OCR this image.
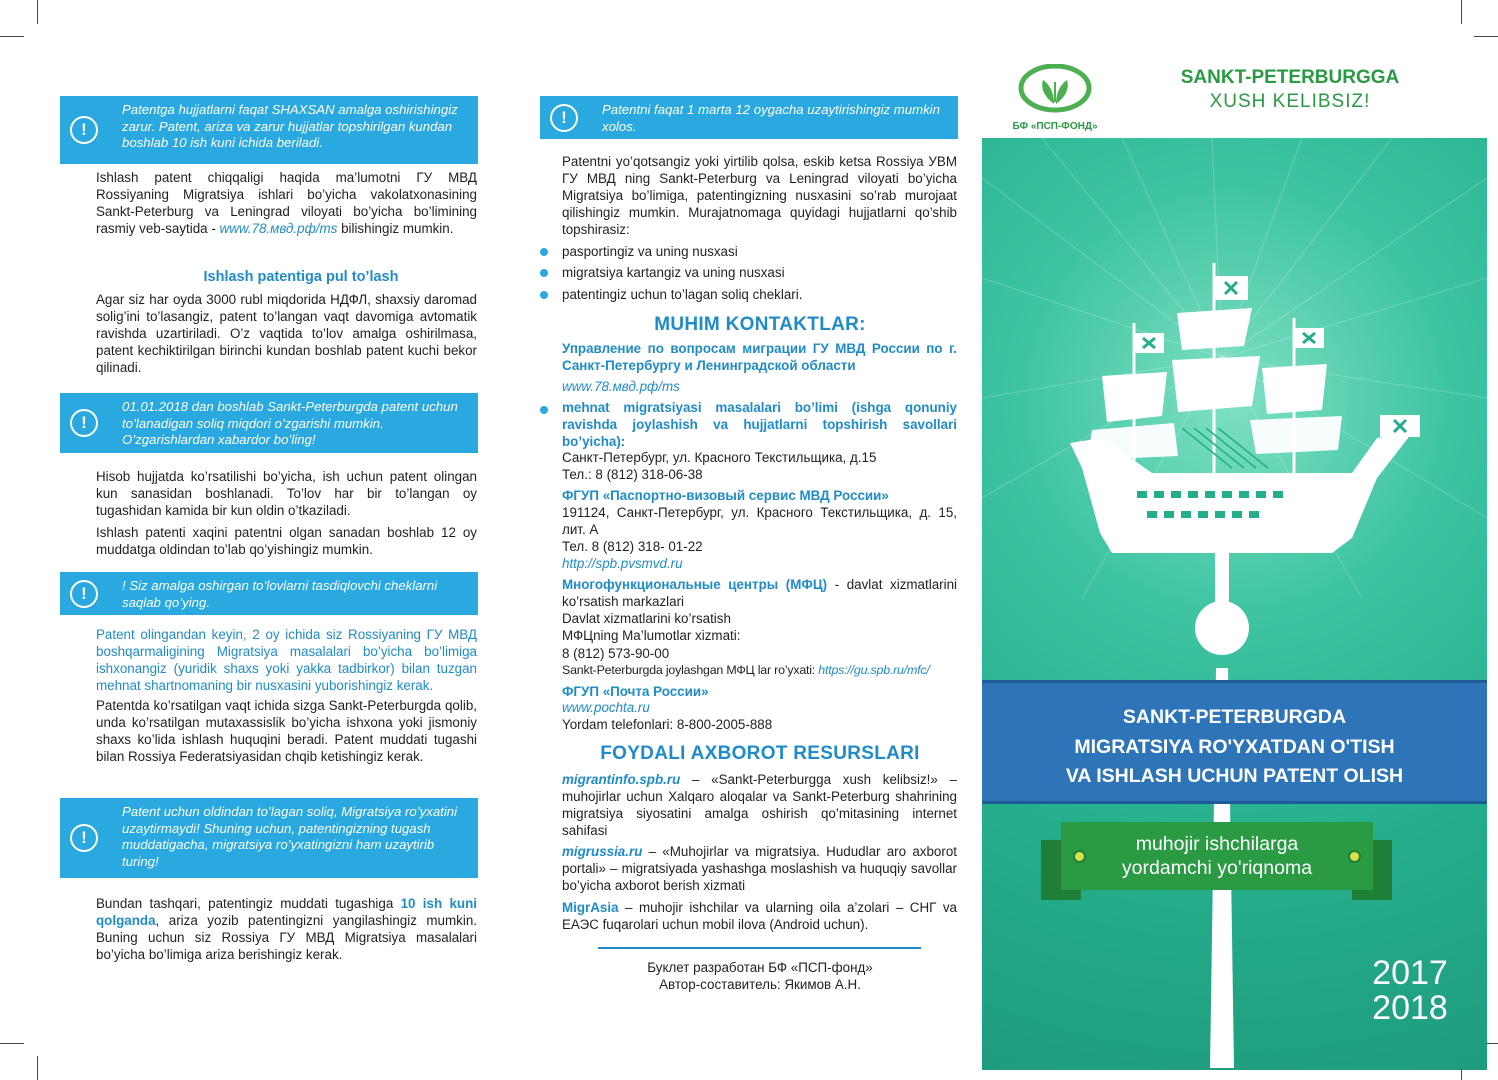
!
Patentga hujjatlarni faqat SHAXSAN amalga oshirishingiz zarur. Patent, ariza va zarur hujjatlar topshirilgan kundan boshlab 10 ish kuni ichida beriladi.
Ishlash patent chiqqaligi haqida ma’lumotni ГУ МВД Rossiyaning Migratsiya ishlari bo’yicha vakolatxonasining Sankt-Peterburg va Leningrad viloyati bo’yicha bo’limining rasmiy veb-saytida - www.78.мвд.рф/ms bilishingiz mumkin.
Ishlash patentiga pul to’lash
Agar siz har oyda 3000 rubl miqdorida НДФЛ, shaxsiy daromad solig’ini to’lasangiz, patent to’langan vaqt davomiga avtomatik ravishda uzartiriladi. O’z vaqtida to’lov amalga oshirilmasa, patent kechiktirilgan birinchi kundan boshlab patent kuchi bekor qilinadi.
!
01.01.2018 dan boshlab Sankt-Peterburgda patent uchun to’lanadigan soliq miqdori o’zgarishi mumkin. O’zgarishlardan xabardor bo’ling!
Hisob hujjatda ko’rsatilishi bo’yicha, ish uchun patent olingan kun sanasidan boshlanadi. To’lov har bir to’langan oy tugashidan kamida bir kun oldin o’tkaziladi.
Ishlash patenti xaqini patentni olgan sanadan boshlab 12 oy muddatga oldindan to’lab qo’yishingiz mumkin.
!	! Siz amalga oshirgan to’lovlarni tasdiqlovchi cheklarni saqlab qo’ying.
Patent olingandan keyin, 2 oy ichida siz Rossiyaning ГУ МВД boshqarmaligining Migratsiya masalalari bo’yicha bo’limiga ishxonangiz (yuridik shaxs yoki yakka tadbirkor) bilan tuzgan mehnat shartnomaning bir nusxasini yuborishingiz kerak.
Patentda ko’rsatilgan vaqt ichida sizga Sankt-Peterburgda qolib, unda ko’rsatilgan mutaxassislik bo’yicha ishxona yoki jismoniy shaxs ko’lida ishlash huquqini beradi. Patent muddati tugashi bilan Rossiya Federatsiyasidan chqib ketishingiz kerak.
!
Patent uchun oldindan to’lagan soliq, Migratsiya ro’yxatini uzaytirmaydi! Shuning uchun, patentingizning tugash muddatigacha, migratsiya ro’yxatingizni ham uzaytirib turing!
Bundan tashqari, patentingiz muddati tugashiga 10 ish kuni qolganda, ariza yozib patentingizni yangilashingiz mumkin. Buning uchun siz Rossiya ГУ МВД Migratsiya masalalari bo’yicha bo’limiga ariza berishingiz kerak.
!	Patentni faqat 1 marta 12 oygacha uzaytirishingiz mumkin xolos.
Patentni yo’qotsangiz yoki yirtilib qolsa, eskib ketsa Rossiya УВМ ГУ МВД ning Sankt-Peterburg va Leningrad viloyati bo’yicha Migratsiya bo’limiga, patentingizning nusxasini so’rab murojaat qilishingiz mumkin. Murajatnomaga quyidagi hujjatlarni qo’shib topshirasiz:
pasportingiz va uning nusxasi
migratsiya kartangiz va uning nusxasi
patentingiz uchun to’lagan soliq cheklari.
MUHIM KONTAKTLAR:
Управление по вопросам миграции ГУ МВД России по г. Санкт-Петербургу и Ленинградской области
www.78.мвд.рф/ms
mehnat migratsiyasi masalalari bo’limi (ishga qonuniy ravishda joylashish va hujjatlarni topshirish savollari bo’yicha):
Санкт-Петербург, ул. Красного Текстильщика, д.15
Тел.: 8 (812) 318-06-38
ФГУП «Паспортно-визовый сервис МВД России»
191124, Санкт-Петербург, ул. Красного Текстильщика, д. 15, лит. А
Тел. 8 (812) 318- 01-22
http://spb.pvsmvd.ru
Многофункциональные центры (МФЦ) - davlat xizmatlarini ko’rsatish markazlari
Davlat xizmatlarini ko’rsatish
МФЦning Ma’lumotlar xizmati:
8 (812) 573-90-00
Sankt-Peterburgda joylashgan МФЦ lar ro’yxati: https://gu.spb.ru/mfc/
ФГУП «Почта России»
www.pochta.ru
Yordam telefonlari: 8-800-2005-888
FOYDALI AXBOROT RESURSLARI
migrantinfo.spb.ru – «Sankt-Peterburgga xush kelibsiz!» – muhojirlar uchun Xalqaro aloqalar va Sankt-Peterburg shahrining migratsiya siyosatini amalga oshirish qo’mitasining internet sahifasi
migrussia.ru – «Muhojirlar va migratsiya. Hududlar aro axborot portali» – migratsiyada yashashga moslashish va huquqiy savollar bo’yicha axborot berish xizmati
MigrAsia – muhojir ishchilar va ularning oila a’zolari – СНГ va ЕАЭС fuqarolari uchun mobil ilova (Android uchun).
Буклет разработан БФ «ПСП-фонд»
Автор-составитель: Якимов А.Н.
БФ «ПСП-ФОНД»
SANKT-PETERBURGGA
XUSH KELIBSIZ!
SANKT-PETERBURGDA
MIGRATSIYA RO'YXATDAN O'TISH
VA ISHLASH UCHUN PATENT OLISH
muhojir ishchilarga
yordamchi yo'riqnoma
2017
2018
